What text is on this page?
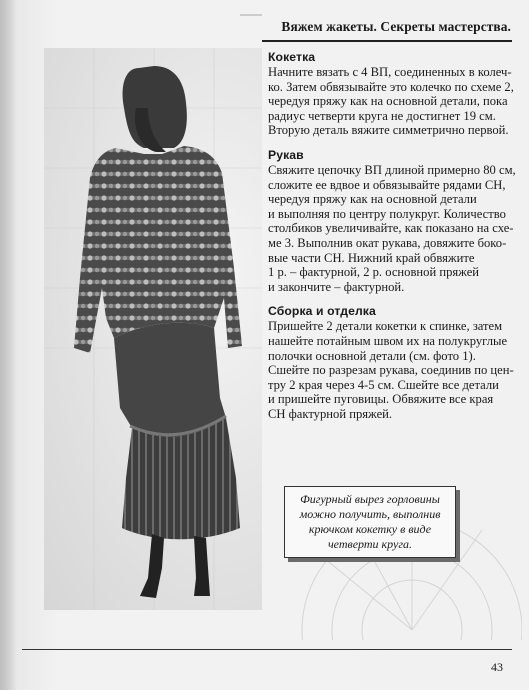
Вяжем жакеты. Секреты мастерства.
Кокетка
Начните вязать с 4 ВП, соединенных в колеч-
ко. Затем обвязывайте это колечко по схеме 2,
чередуя пряжу как на основной детали, пока
радиус четверти круга не достигнет 19 см.
Вторую деталь вяжите симметрично первой.
Рукав
Свяжите цепочку ВП длиной примерно 80 см,
сложите ее вдвое и обвязывайте рядами СН,
чередуя пряжу как на основной детали
и выполняя по центру полукруг. Количество
столбиков увеличивайте, как показано на схе-
ме 3. Выполнив окат рукава, довяжите боко-
вые части СН. Нижний край обвяжите
1 р. – фактурной, 2 р. основной пряжей
и закончите – фактурной.
Сборка и отделка
Пришейте 2 детали кокетки к спинке, затем
нашейте потайным швом их на полукруглые
полочки основной детали (см. фото 1).
Сшейте по разрезам рукава, соединив по цен-
тру 2 края через 4-5 см. Сшейте все детали
и пришейте пуговицы. Обвяжите все края
СН фактурной пряжей.
Фигурный вырез горловины
можно получить, выполнив
крючком кокетку в виде
четверти круга.
43
